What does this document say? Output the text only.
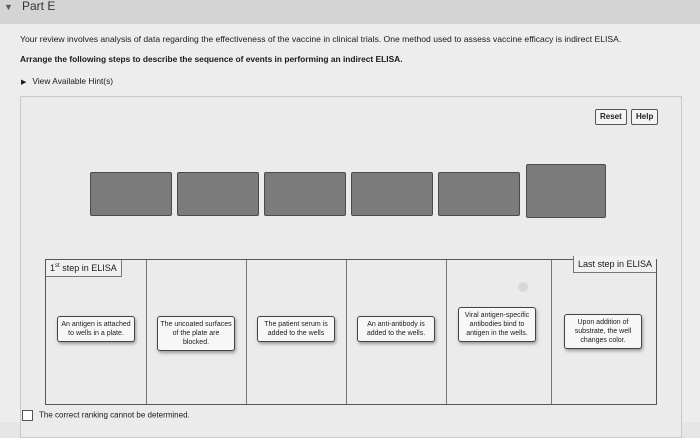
▼ Part E
Your review involves analysis of data regarding the effectiveness of the vaccine in clinical trials. One method used to assess vaccine efficacy is indirect ELISA.
Arrange the following steps to describe the sequence of events in performing an indirect ELISA.
▶ View Available Hint(s)
Reset	Help
1st step in ELISA	Last step in ELISA
An antigen is attached to wells in a plate.
The uncoated surfaces of the plate are blocked.
The patient serum is added to the wells
An anti-antibody is added to the wells.
Viral antigen-specific antibodies bind to antigen in the wells.
Upon addition of substrate, the well changes color.
The correct ranking cannot be determined.
